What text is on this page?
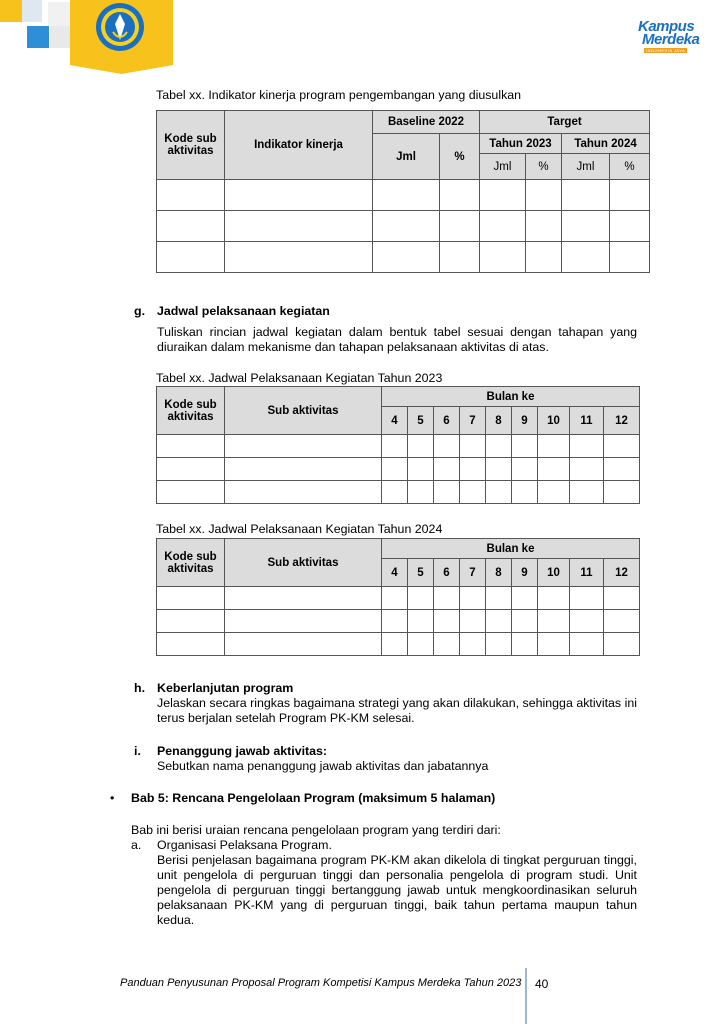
Kampus
Merdeka
INDONESIA JAYA
Tabel xx. Indikator kinerja program pengembangan yang diusulkan
Kode sub aktivitas	Indikator kinerja	Baseline 2022		Target			
		Jml	%	Tahun 2023		Tahun 2024	
				Jml	%	Jml	%

g. Jadwal pelaksanaan kegiatan
Tuliskan rincian jadwal kegiatan dalam bentuk tabel sesuai dengan tahapan yang diuraikan dalam mekanisme dan tahapan pelaksanaan aktivitas di atas.
Tabel xx. Jadwal Pelaksanaan Kegiatan Tahun 2023
Kode sub aktivitas	Sub aktivitas	Bulan ke								
		4	5	6	7	8	9	10	11	12

Tabel xx. Jadwal Pelaksanaan Kegiatan Tahun 2024
Kode sub aktivitas	Sub aktivitas	Bulan ke								
		4	5	6	7	8	9	10	11	12

h. Keberlanjutan program
Jelaskan secara ringkas bagaimana strategi yang akan dilakukan, sehingga aktivitas ini terus berjalan setelah Program PK-KM selesai.
i. Penanggung jawab aktivitas:
Sebutkan nama penanggung jawab aktivitas dan jabatannya
• Bab 5: Rencana Pengelolaan Program (maksimum 5 halaman)
Bab ini berisi uraian rencana pengelolaan program yang terdiri dari:
a. Organisasi Pelaksana Program.
Berisi penjelasan bagaimana program PK-KM akan dikelola di tingkat perguruan tinggi, unit pengelola di perguruan tinggi dan personalia pengelola di program studi. Unit pengelola di perguruan tinggi bertanggung jawab untuk mengkoordinasikan seluruh pelaksanaan PK-KM yang di perguruan tinggi, baik tahun pertama maupun tahun kedua.
Panduan Penyusunan Proposal Program Kompetisi Kampus Merdeka Tahun 2023 40
